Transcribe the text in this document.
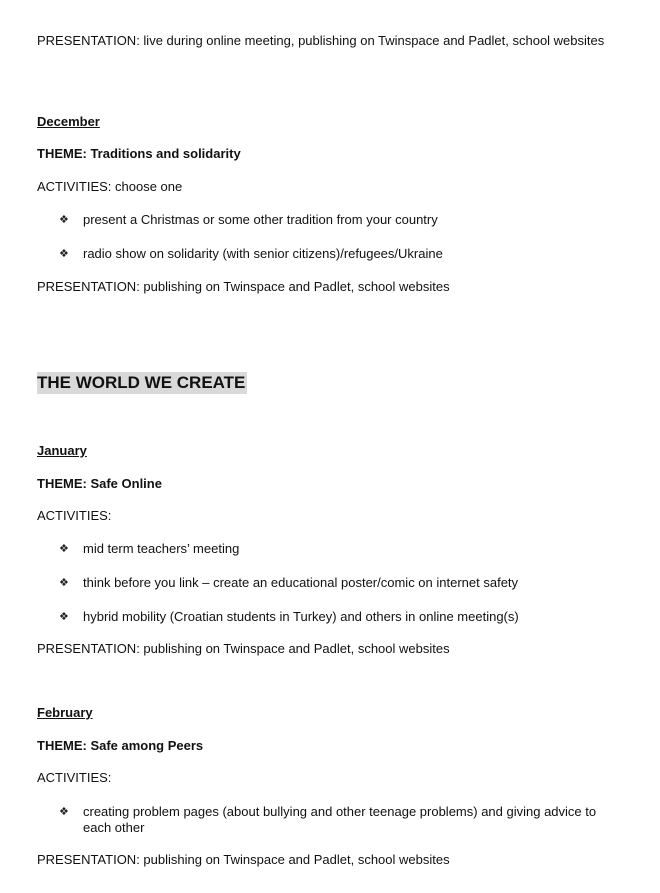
PRESENTATION: live during online meeting, publishing on Twinspace and Padlet, school websites

December

THEME: Traditions and solidarity

ACTIVITIES: choose one

❖	present a Christmas or some other tradition from your country
❖	radio show on solidarity (with senior citizens)/refugees/Ukraine

PRESENTATION: publishing on Twinspace and Padlet, school websites

THE WORLD WE CREATE

January

THEME: Safe Online

ACTIVITIES:

❖	mid term teachers’ meeting
❖	think before you link – create an educational poster/comic on internet safety
❖	hybrid mobility (Croatian students in Turkey) and others in online meeting(s)

PRESENTATION: publishing on Twinspace and Padlet, school websites

February

THEME: Safe among Peers

ACTIVITIES:

❖	creating problem pages (about bullying and other teenage problems) and giving advice to each other

PRESENTATION: publishing on Twinspace and Padlet, school websites
